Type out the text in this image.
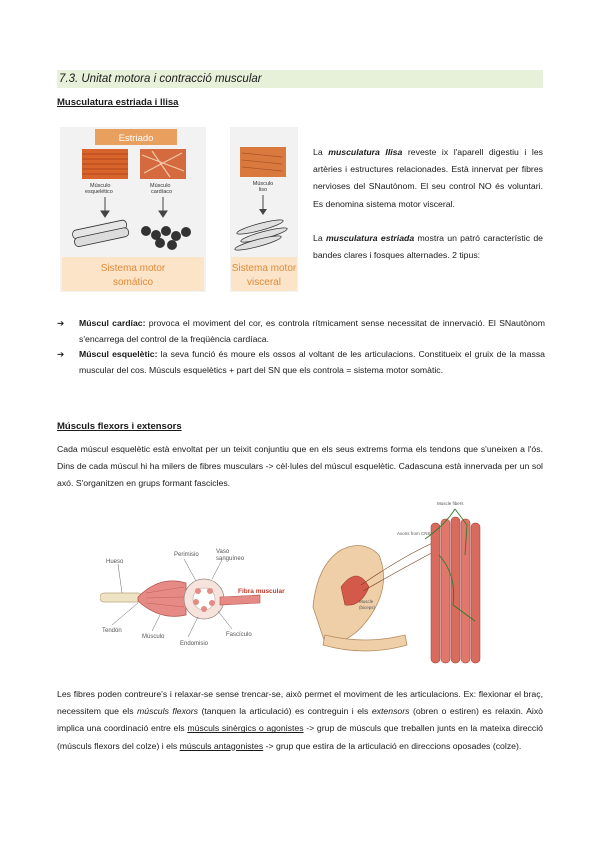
7.3. Unitat motora i contracció muscular
Musculatura estriada i llisa
Estriado
Músculo
esquelético
Músculo
cardíaco
Sistema motor
somático
Músculo
liso
Sistema motor
visceral
La musculatura llisa reveste ix l'aparell digestiu i les artèries i estructures relacionades. Està innervat per fibres nervioses del SNautònom. El seu control NO és voluntari. Es denomina sistema motor visceral.
La musculatura estriada mostra un patró característic de bandes clares i fosques alternades. 2 tipus:
➔ Múscul cardíac: provoca el moviment del cor, es controla rítmicament sense necessitat de innervació. El SNautònom s'encarrega del control de la freqüència cardíaca.
➔ Múscul esquelètic: la seva funció és moure els ossos al voltant de les articulacions. Constitueix el gruix de la massa muscular del cos. Músculs esquelètics + part del SN que els controla = sistema motor somàtic.
Músculs flexors i extensors
Cada múscul esquelètic està envoltat per un teixit conjuntiu que en els seus extrems forma els tendons que s'uneixen a l'ós. Dins de cada múscul hi ha milers de fibres musculars -> cèl·lules del múscul esquelètic. Cadascuna està innervada per un sol axó. S'organitzen en grups formant fascicles.
Hueso
Perimisio	Vaso
sanguíneo
Fibra muscular
Tendón
Músculo
Endomisio
Fascículo
Muscle fibers
Axons from CNS
Muscle
(biceps)
Les fibres poden contreure's i relaxar-se sense trencar-se, això permet el moviment de les articulacions. Ex: flexionar el braç, necessitem que els músculs flexors (tanquen la articulació) es contreguin i els extensors (obren o estiren) es relaxin. Això implica una coordinació entre els músculs sinèrgics o agonistes -> grup de músculs que treballen junts en la mateixa direcció (músculs flexors del colze) i els músculs antagonistes -> grup que estira de la articulació en direccions oposades (colze).
